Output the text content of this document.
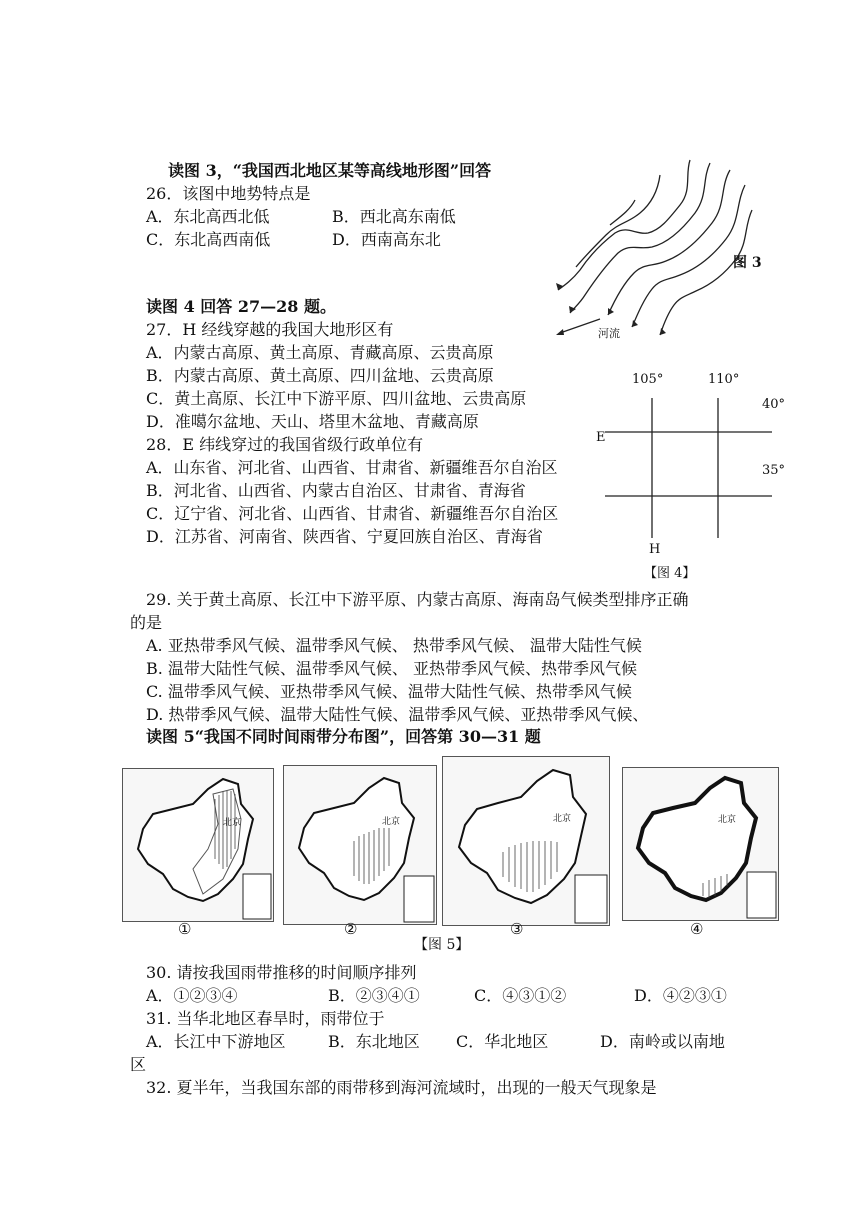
读图 3，“我国西北地区某等高线地形图”回答
26．该图中地势特点是
A．东北高西北低	B．西北高东南低
C．东北高西南低	D．西南高东北
图 3
河流
读图 4 回答 27—28 题。
27．H 经线穿越的我国大地形区有
A．内蒙古高原、黄土高原、青藏高原、云贵高原
B．内蒙古高原、黄土高原、四川盆地、云贵高原
C．黄土高原、长江中下游平原、四川盆地、云贵高原
D．准噶尔盆地、天山、塔里木盆地、青藏高原
28．E 纬线穿过的我国省级行政单位有
A．山东省、河北省、山西省、甘肃省、新疆维吾尔自治区
B．河北省、山西省、内蒙古自治区、甘肃省、青海省
C．辽宁省、河北省、山西省、甘肃省、新疆维吾尔自治区
D．江苏省、河南省、陕西省、宁夏回族自治区、青海省
105°	110°
40°
35°
E
H
【图 4】
29. 关于黄土高原、长江中下游平原、内蒙古高原、海南岛气候类型排序正确
的是
A. 亚热带季风气候、温带季风气候、 热带季风气候、 温带大陆性气候
B. 温带大陆性气候、温带季风气候、 亚热带季风气候、热带季风气候
C. 温带季风气候、亚热带季风气候、温带大陆性气候、热带季风气候
D. 热带季风气候、温带大陆性气候、温带季风气候、亚热带季风气候、
读图 5“我国不同时间雨带分布图”，回答第 30—31 题
北京	北京	北京	北京
①	②	③	④
【图 5】
30. 请按我国雨带推移的时间顺序排列
A．①②③④	B．②③④①	C．④③①②	D．④②③①
31. 当华北地区春旱时，雨带位于
A．长江中下游地区	B．东北地区 C．华北地区	D．南岭或以南地
区
32. 夏半年，当我国东部的雨带移到海河流域时，出现的一般天气现象是
